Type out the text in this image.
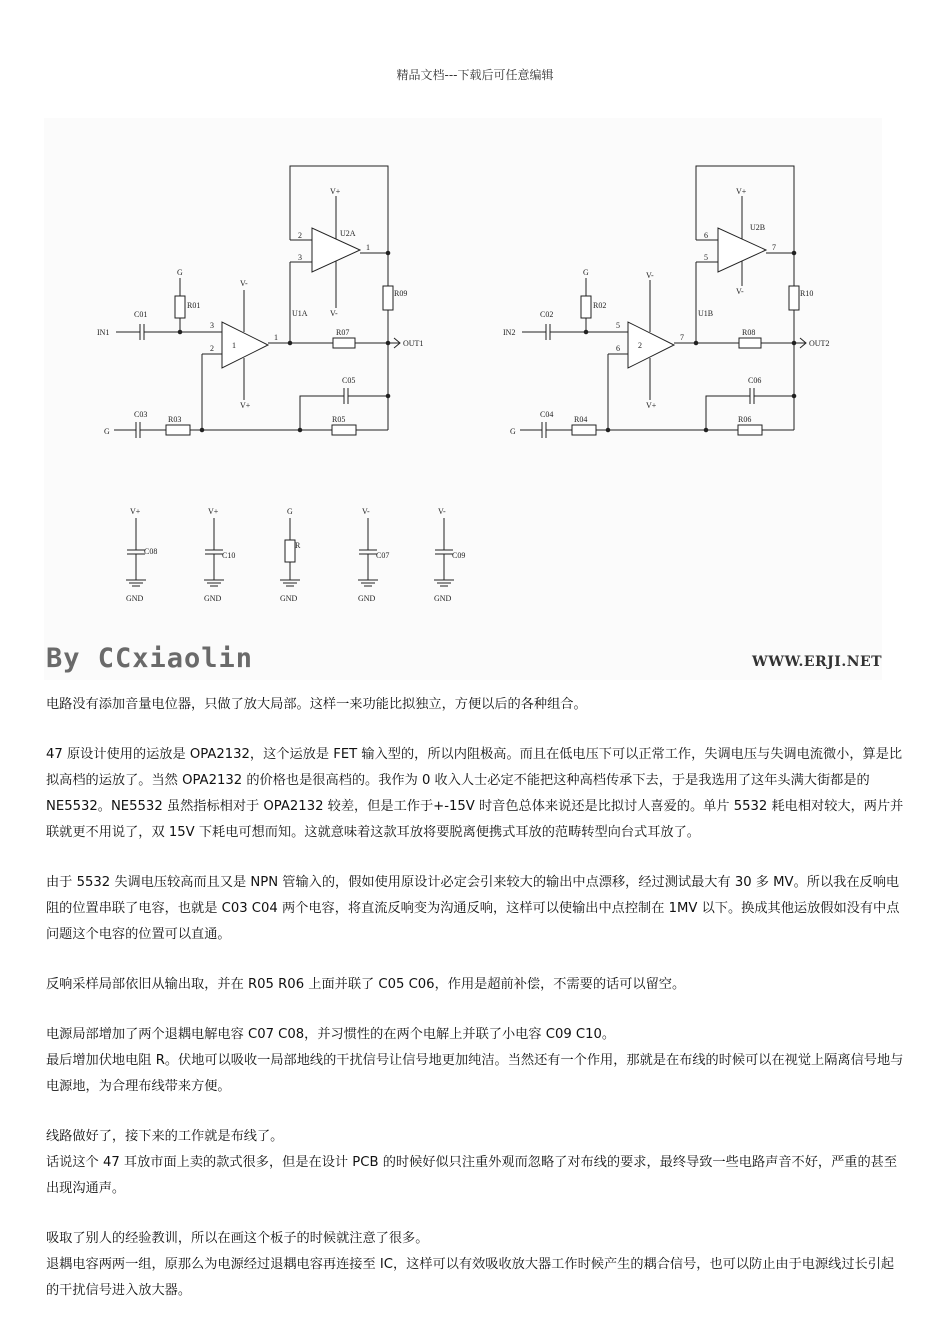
精品文档---下载后可任意编辑
IN1
C01
G
R01
G
C03
R03
R07
R09
C05
R05
OUT1
U2A
U1A
1
V-
V+
V+
V-
3
2
1
2
3
1
IN2
C02
G
R02
G
C04
R04
R08
R10
C06
R06
OUT2
U2B
U1B
2
V-
V+
V+
V-
5
6
7
6
5
7
V+
C08
GND
V+
C10
GND
G
R
GND
V-
C07
GND
V-
C09
GND
By CCxiaolin	WWW.ERJI.NET

电路没有添加音量电位器，只做了放大局部。这样一来功能比拟独立，方便以后的各种组合。

47 原设计使用的运放是 OPA2132，这个运放是 FET 输入型的，所以内阻极高。而且在低电压下可以正常工作，失调电压与失调电流微小，算是比拟高档的运放了。当然 OPA2132 的价格也是很高档的。我作为 0 收入人士必定不能把这种高档传承下去，于是我选用了这年头满大街都是的 NE5532。NE5532 虽然指标相对于 OPA2132 较差，但是工作于+-15V 时音色总体来说还是比拟讨人喜爱的。单片 5532 耗电相对较大，两片并联就更不用说了，双 15V 下耗电可想而知。这就意味着这款耳放将要脱离便携式耳放的范畴转型向台式耳放了。

由于 5532 失调电压较高而且又是 NPN 管输入的，假如使用原设计必定会引来较大的输出中点漂移，经过测试最大有 30 多 MV。所以我在反响电阻的位置串联了电容，也就是 C03 C04 两个电容，将直流反响变为沟通反响，这样可以使输出中点控制在 1MV 以下。换成其他运放假如没有中点问题这个电容的位置可以直通。

反响采样局部依旧从输出取，并在 R05 R06 上面并联了 C05 C06，作用是超前补偿，不需要的话可以留空。

电源局部增加了两个退耦电解电容 C07 C08，并习惯性的在两个电解上并联了小电容 C09 C10。

最后增加伏地电阻 R。伏地可以吸收一局部地线的干扰信号让信号地更加纯洁。当然还有一个作用，那就是在布线的时候可以在视觉上隔离信号地与电源地，为合理布线带来方便。

线路做好了，接下来的工作就是布线了。

话说这个 47 耳放市面上卖的款式很多，但是在设计 PCB 的时候好似只注重外观而忽略了对布线的要求，最终导致一些电路声音不好，严重的甚至出现沟通声。

吸取了别人的经验教训，所以在画这个板子的时候就注意了很多。

退耦电容两两一组，原那么为电源经过退耦电容再连接至 IC，这样可以有效吸收放大器工作时候产生的耦合信号，也可以防止由于电源线过长引起的干扰信号进入放大器。
